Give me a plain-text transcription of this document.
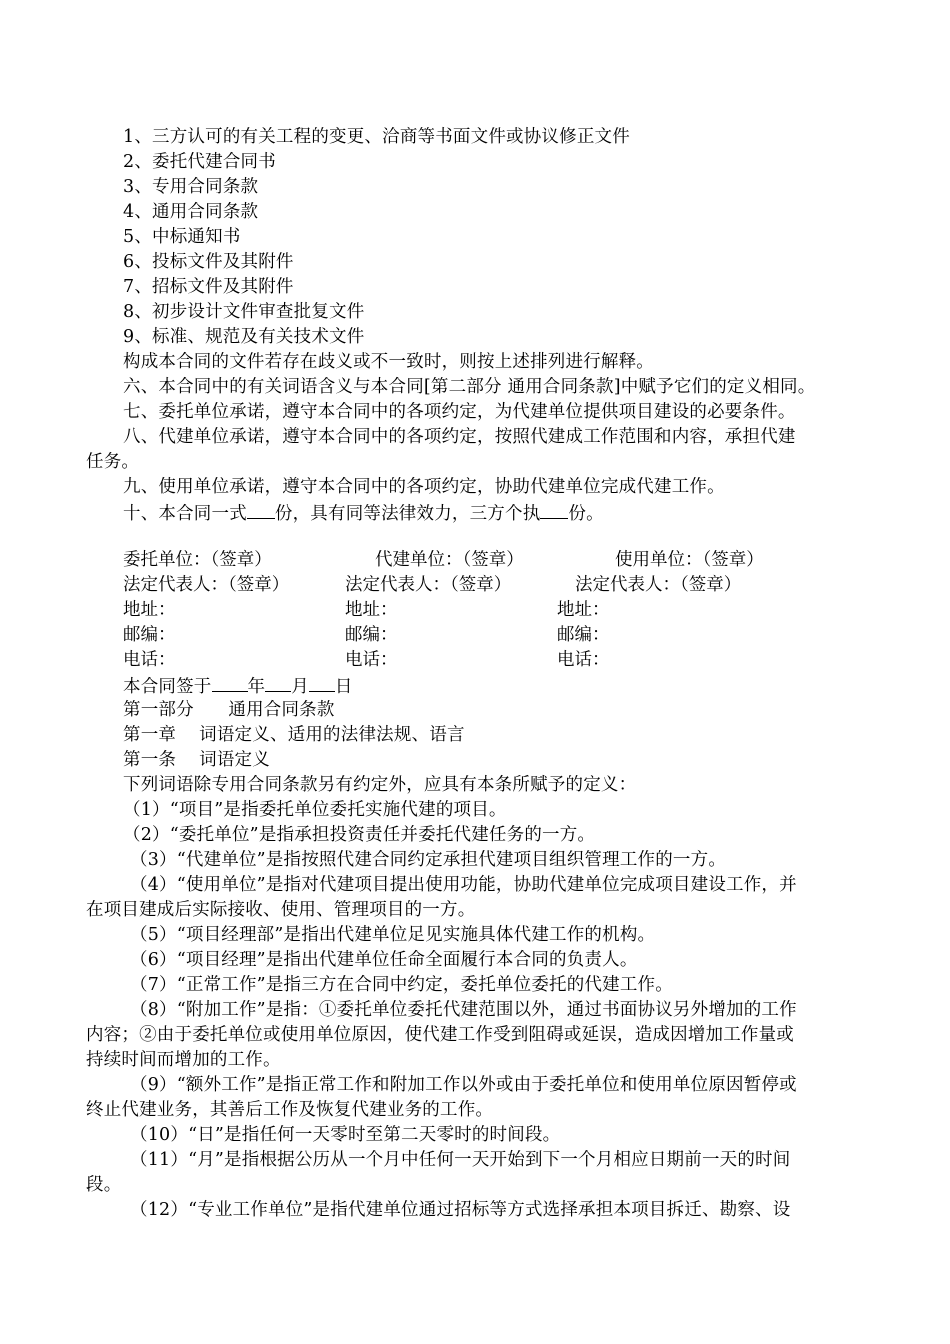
1、三方认可的有关工程的变更、洽商等书面文件或协议修正文件
2、委托代建合同书
3、专用合同条款
4、通用合同条款
5、中标通知书
6、投标文件及其附件
7、招标文件及其附件
8、初步设计文件审查批复文件
9、标准、规范及有关技术文件
构成本合同的文件若存在歧义或不一致时，则按上述排列进行解释。
六、本合同中的有关词语含义与本合同[第二部分 通用合同条款]中赋予它们的定义相同。
七、委托单位承诺，遵守本合同中的各项约定，为代建单位提供项目建设的必要条件。
八、代建单位承诺，遵守本合同中的各项约定，按照代建成工作范围和内容，承担代建
任务。
九、使用单位承诺，遵守本合同中的各项约定，协助代建单位完成代建工作。
十、本合同一式 份，具有同等法律效力，三方个执 份。
委托单位：（签章）	代建单位：（签章）	使用单位：（签章）
法定代表人：（签章）	法定代表人：（签章）	法定代表人：（签章）
地址：	地址：	地址：
邮编：	邮编：	邮编：
电话：	电话：	电话：
本合同签于 年 月 日
第一部分      通用合同条款
第一章    词语定义、适用的法律法规、语言
第一条    词语定义
下列词语除专用合同条款另有约定外，应具有本条所赋予的定义：
（1）“项目”是指委托单位委托实施代建的项目。
（2）“委托单位”是指承担投资责任并委托代建任务的一方。
（3）“代建单位”是指按照代建合同约定承担代建项目组织管理工作的一方。
（4）“使用单位”是指对代建项目提出使用功能，协助代建单位完成项目建设工作，并
在项目建成后实际接收、使用、管理项目的一方。
（5）“项目经理部”是指出代建单位足见实施具体代建工作的机构。
（6）“项目经理”是指出代建单位任命全面履行本合同的负责人。
（7）“正常工作”是指三方在合同中约定，委托单位委托的代建工作。
（8）“附加工作”是指：①委托单位委托代建范围以外，通过书面协议另外增加的工作
内容；②由于委托单位或使用单位原因，使代建工作受到阻碍或延误，造成因增加工作量或
持续时间而增加的工作。
（9）“额外工作”是指正常工作和附加工作以外或由于委托单位和使用单位原因暂停或
终止代建业务，其善后工作及恢复代建业务的工作。
（10）“日”是指任何一天零时至第二天零时的时间段。
（11）“月”是指根据公历从一个月中任何一天开始到下一个月相应日期前一天的时间
段。
（12）“专业工作单位”是指代建单位通过招标等方式选择承担本项目拆迁、勘察、设
